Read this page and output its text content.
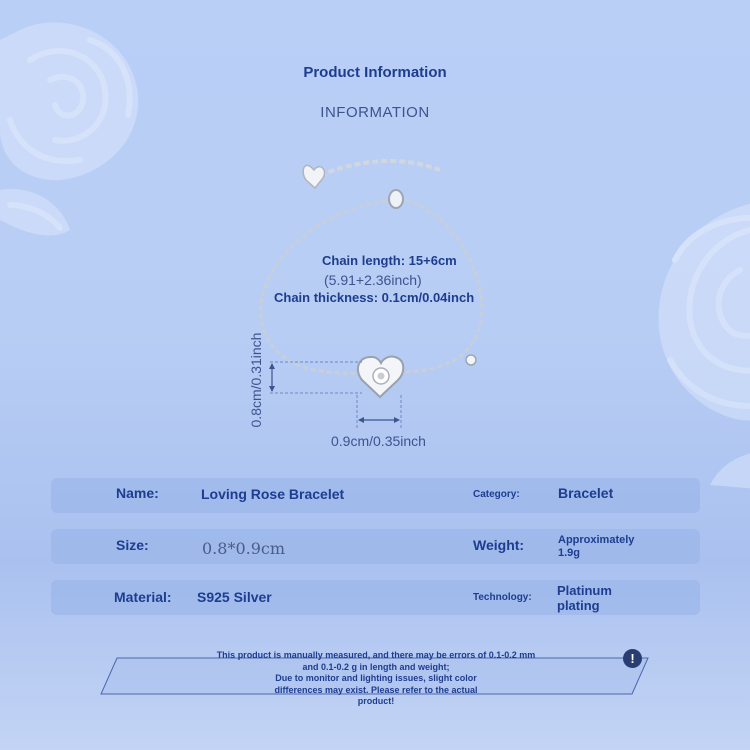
Product Information
INFORMATION
Chain length: 15+6cm
(5.91+2.36inch)
Chain thickness: 0.1cm/0.04inch
0.9cm/0.35inch
0.8cm/0.31inch
Name:	Loving Rose Bracelet	Category:	Bracelet
Size:	0.8*0.9cm	Weight:	Approximately
1.9g
Material: S925 Silver	Technology: Platinum
plating
This product is manually measured, and there may be errors of 0.1-0.2 mm
and 0.1-0.2 g in length and weight;
Due to monitor and lighting issues, slight color
differences may exist. Please refer to the actual
product!
!
